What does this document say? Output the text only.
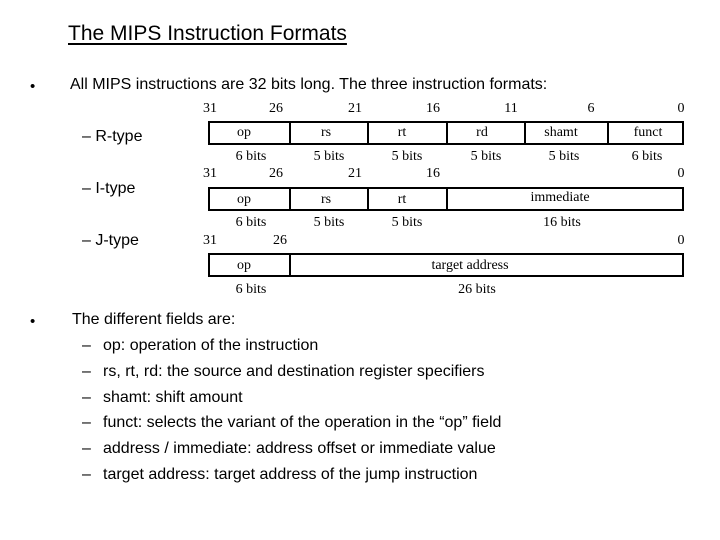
The MIPS Instruction Formats
• All MIPS instructions are 32 bits long. The three instruction formats:
– R-type
– I-type
– J-type
31	26	21	16	11	6	0
op	rs	rt	rd	shamt	funct
6 bits	5 bits	5 bits	5 bits	5 bits	6 bits
31	26	21	16	0
op	rs	rt	immediate
6 bits	5 bits	5 bits	16 bits
31	26	0
op	target address
6 bits	26 bits
• The different fields are:
– op: operation of the instruction
– rs, rt, rd: the source and destination register specifiers
– shamt: shift amount
– funct: selects the variant of the operation in the “op” field
– address / immediate: address offset or immediate value
– target address: target address of the jump instruction
